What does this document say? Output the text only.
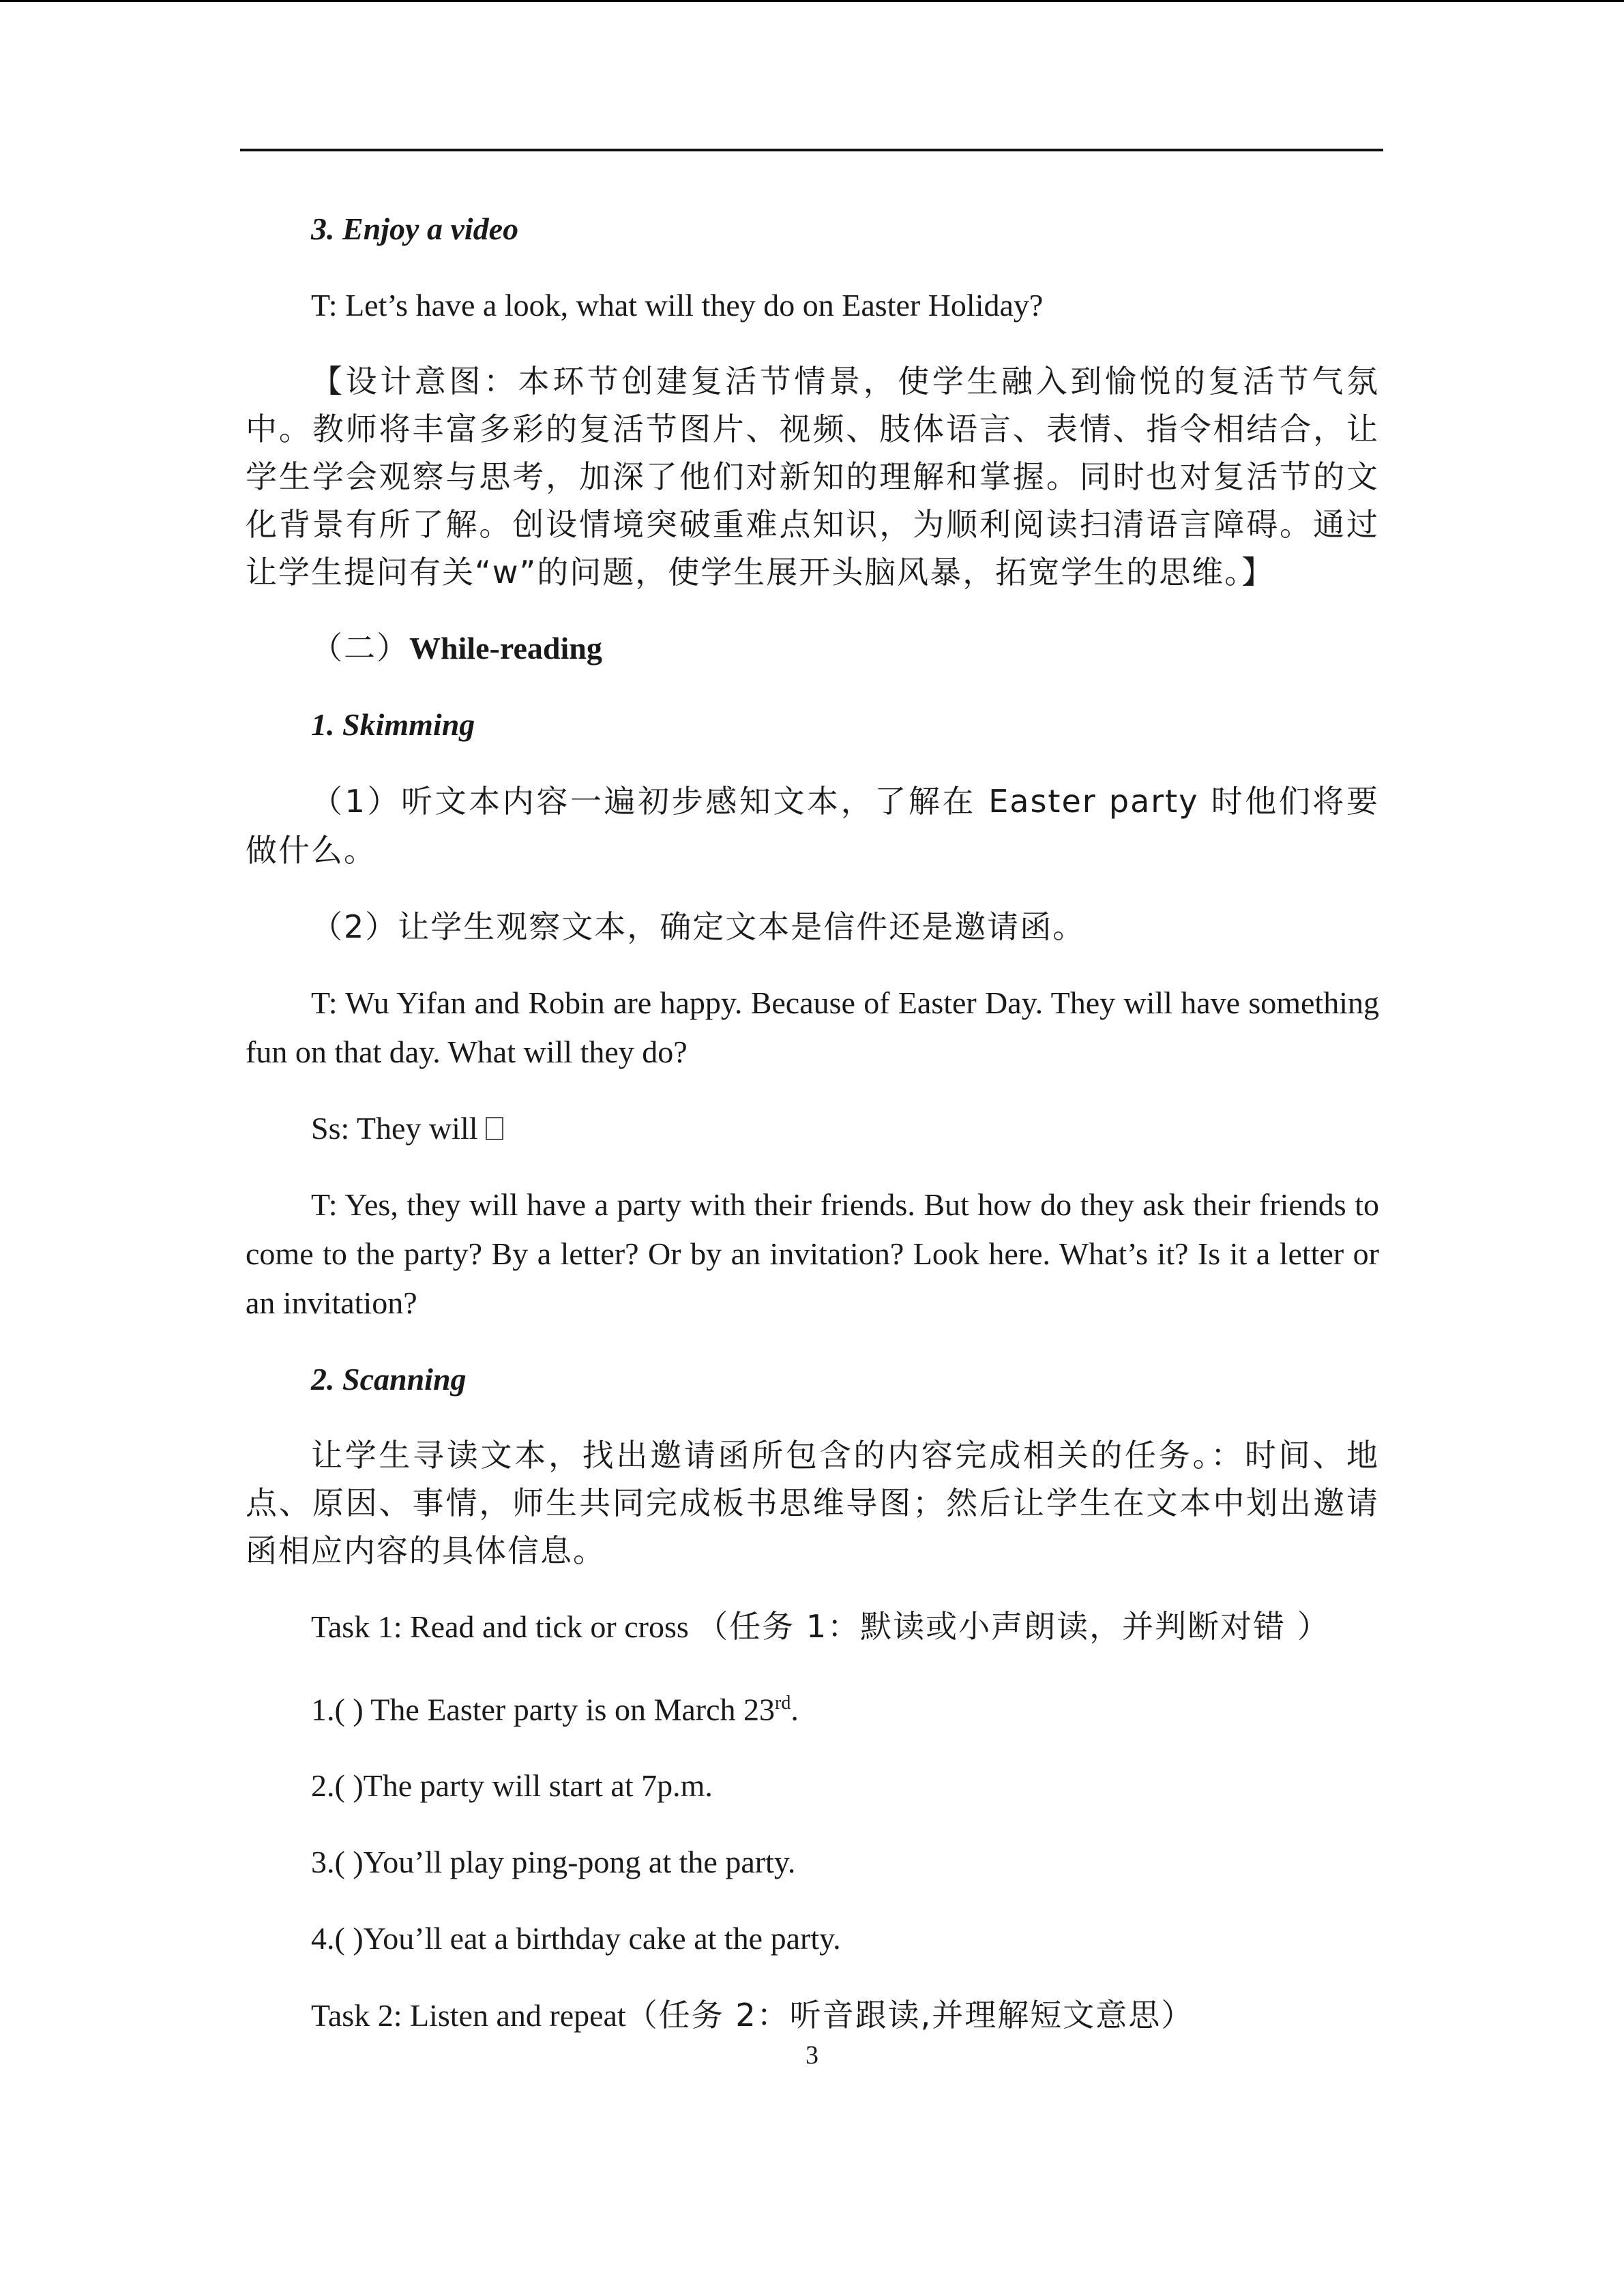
3. Enjoy a video

T: Let’s have a look, what will they do on Easter Holiday?

【设计意图：本环节创建复活节情景，使学生融入到愉悦的复活节气氛中。教师将丰富多彩的复活节图片、视频、肢体语言、表情、指令相结合，让学生学会观察与思考，加深了他们对新知的理解和掌握。同时也对复活节的文化背景有所了解。创设情境突破重难点知识，为顺利阅读扫清语言障碍。通过让学生提问有关“w”的问题，使学生展开头脑风暴，拓宽学生的思维。】

（二）While-reading

1. Skimming

（1）听文本内容一遍初步感知文本，了解在 Easter party 时他们将要做什么。

（2）让学生观察文本，确定文本是信件还是邀请函。

T: Wu Yifan and Robin are happy. Because of Easter Day. They will have something fun on that day. What will they do?

Ss: They will

T: Yes, they will have a party with their friends. But how do they ask their friends to come to the party? By a letter? Or by an invitation? Look here. What’s it? Is it a letter or an invitation?

2. Scanning

让学生寻读文本，找出邀请函所包含的内容完成相关的任务。：时间、地点、原因、事情，师生共同完成板书思维导图；然后让学生在文本中划出邀请函相应内容的具体信息。

Task 1: Read and tick or cross （任务 1：默读或小声朗读，并判断对错 ）

1.( ) The Easter party is on March 23rd.

2.( )The party will start at 7p.m.

3.( )You’ll play ping-pong at the party.

4.( )You’ll eat a birthday cake at the party.

Task 2: Listen and repeat（任务 2：听音跟读,并理解短文意思）

3
